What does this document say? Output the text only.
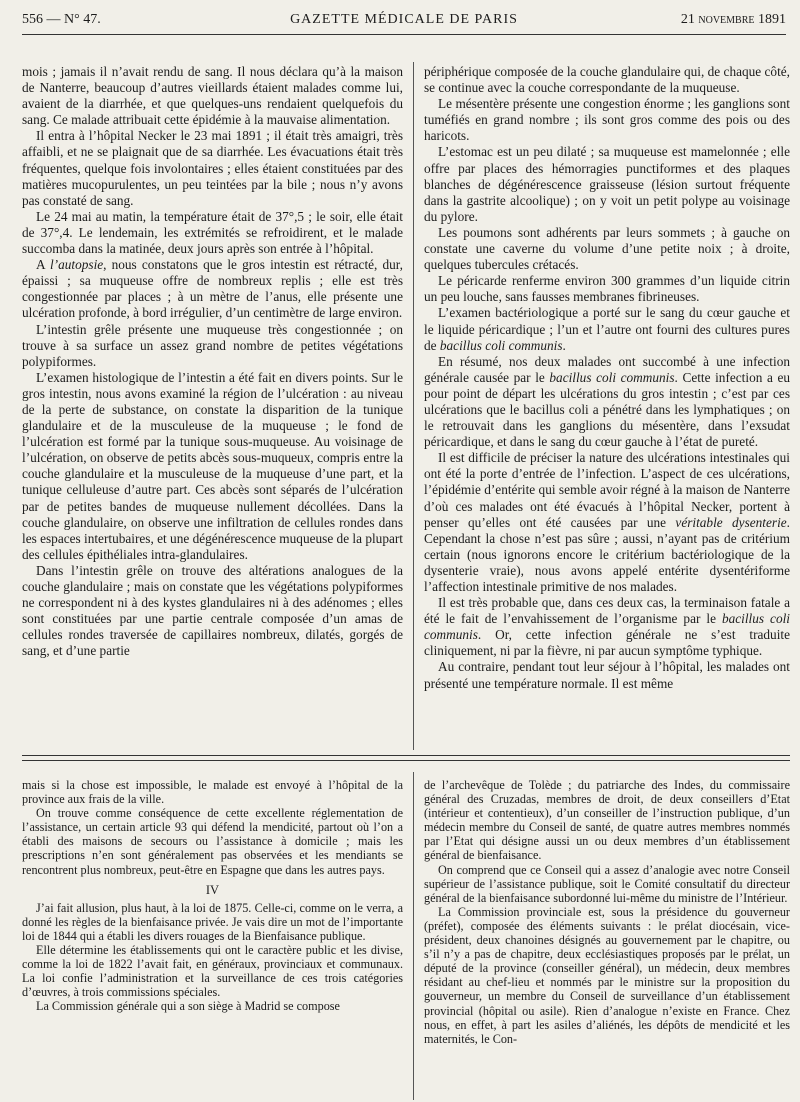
556 — N° 47.	GAZETTE MÉDICALE DE PARIS	21 novembre 1891

mois ; jamais il n’avait rendu de sang. Il nous déclara qu’à la maison de Nanterre, beaucoup d’autres vieillards étaient malades comme lui, avaient de la diarrhée, et que quelques-uns rendaient quelquefois du sang. Ce malade attribuait cette épidémie à la mauvaise alimentation.

Il entra à l’hôpital Necker le 23 mai 1891 ; il était très amaigri, très affaibli, et ne se plaignait que de sa diarrhée. Les évacuations était très fréquentes, quelque fois involontaires ; elles étaient constituées par des matières mucopurulentes, un peu teintées par la bile ; nous n’y avons pas constaté de sang.

Le 24 mai au matin, la température était de 37°,5 ; le soir, elle était de 37°,4. Le lendemain, les extrémités se refroidirent, et le malade succomba dans la matinée, deux jours après son entrée à l’hôpital.

A l’autopsie, nous constatons que le gros intestin est rétracté, dur, épaissi ; sa muqueuse offre de nombreux replis ; elle est très congestionnée par places ; à un mètre de l’anus, elle présente une ulcération profonde, à bord irrégulier, d’un centimètre de large environ.

L’intestin grêle présente une muqueuse très congestionnée ; on trouve à sa surface un assez grand nombre de petites végétations polypiformes.

L’examen histologique de l’intestin a été fait en divers points. Sur le gros intestin, nous avons examiné la région de l’ulcération : au niveau de la perte de substance, on constate la disparition de la tunique glandulaire et de la musculeuse de la muqueuse ; le fond de l’ulcération est formé par la tunique sous-muqueuse. Au voisinage de l’ulcération, on observe de petits abcès sous-muqueux, compris entre la couche glandulaire et la musculeuse de la muqueuse d’une part, et la tunique celluleuse d’autre part. Ces abcès sont séparés de l’ulcération par de petites bandes de muqueuse nullement décollées. Dans la couche glandulaire, on observe une infiltration de cellules rondes dans les espaces intertubaires, et une dégénérescence muqueuse de la plupart des cellules épithéliales intra-glandulaires.

Dans l’intestin grêle on trouve des altérations analogues de la couche glandulaire ; mais on constate que les végétations polypiformes ne correspondent ni à des kystes glandulaires ni à des adénomes ; elles sont constituées par une partie centrale composée d’un amas de cellules rondes traversée de capillaires nombreux, dilatés, gorgés de sang, et d’une partie

périphérique composée de la couche glandulaire qui, de chaque côté, se continue avec la couche correspondante de la muqueuse.

Le mésentère présente une congestion énorme ; les ganglions sont tuméfiés en grand nombre ; ils sont gros comme des pois ou des haricots.

L’estomac est un peu dilaté ; sa muqueuse est mamelonnée ; elle offre par places des hémorragies punctiformes et des plaques blanches de dégénérescence graisseuse (lésion surtout fréquente dans la gastrite alcoolique) ; on y voit un petit polype au voisinage du pylore.

Les poumons sont adhérents par leurs sommets ; à gauche on constate une caverne du volume d’une petite noix ; à droite, quelques tubercules crétacés.

Le péricarde renferme environ 300 grammes d’un liquide citrin un peu louche, sans fausses membranes fibrineuses.

L’examen bactériologique a porté sur le sang du cœur gauche et le liquide péricardique ; l’un et l’autre ont fourni des cultures pures de bacillus coli communis.

En résumé, nos deux malades ont succombé à une infection générale causée par le bacillus coli communis. Cette infection a eu pour point de départ les ulcérations du gros intestin ; c’est par ces ulcérations que le bacillus coli a pénétré dans les lymphatiques ; on le retrouvait dans les ganglions du mésentère, dans l’exsudat péricardique, et dans le sang du cœur gauche à l’état de pureté.

Il est difficile de préciser la nature des ulcérations intestinales qui ont été la porte d’entrée de l’infection. L’aspect de ces ulcérations, l’épidémie d’entérite qui semble avoir régné à la maison de Nanterre d’où ces malades ont été évacués à l’hôpital Necker, portent à penser qu’elles ont été causées par une véritable dysenterie. Cependant la chose n’est pas sûre ; aussi, n’ayant pas de critérium certain (nous ignorons encore le critérium bactériologique de la dysenterie vraie), nous avons appelé entérite dysentériforme l’affection intestinale primitive de nos malades.

Il est très probable que, dans ces deux cas, la terminaison fatale a été le fait de l’envahissement de l’organisme par le bacillus coli communis. Or, cette infection générale ne s’est traduite cliniquement, ni par la fièvre, ni par aucun symptôme typhique.

Au contraire, pendant tout leur séjour à l’hôpital, les malades ont présenté une température normale. Il est même

mais si la chose est impossible, le malade est envoyé à l’hôpital de la province aux frais de la ville.

On trouve comme conséquence de cette excellente réglementation de l’assistance, un certain article 93 qui défend la mendicité, partout où l’on a établi des maisons de secours ou l’assistance à domicile ; mais les prescriptions n’en sont généralement pas observées et les mendiants se rencontrent plus nombreux, peut-être en Espagne que dans les autres pays.

IV

J’ai fait allusion, plus haut, à la loi de 1875. Celle-ci, comme on le verra, a donné les règles de la bienfaisance privée. Je vais dire un mot de l’importante loi de 1844 qui a établi les divers rouages de la Bienfaisance publique.

Elle détermine les établissements qui ont le caractère public et les divise, comme la loi de 1822 l’avait fait, en généraux, provinciaux et communaux. La loi confie l’administration et la surveillance de ces trois catégories d’œuvres, à trois commissions spéciales.

La Commission générale qui a son siège à Madrid se compose

de l’archevêque de Tolède ; du patriarche des Indes, du commissaire général des Cruzadas, membres de droit, de deux conseillers d’Etat (intérieur et contentieux), d’un conseiller de l’instruction publique, d’un médecin membre du Conseil de santé, de quatre autres membres nommés par l’Etat qui désigne aussi un ou deux membres d’un établissement général de bienfaisance.

On comprend que ce Conseil qui a assez d’analogie avec notre Conseil supérieur de l’assistance publique, soit le Comité consultatif du directeur général de la bienfaisance subordonné lui-même du ministre de l’Intérieur.

La Commission provinciale est, sous la présidence du gouverneur (préfet), composée des éléments suivants : le prélat diocésain, vice-président, deux chanoines désignés au gouvernement par le chapitre, ou s’il n’y a pas de chapitre, deux ecclésiastiques proposés par le prélat, un député de la province (conseiller général), un médecin, deux membres résidant au chef-lieu et nommés par le ministre sur la proposition du gouverneur, un membre du Conseil de surveillance d’un établissement provincial (hôpital ou asile). Rien d’analogue n’existe en France. Chez nous, en effet, à part les asiles d’aliénés, les dépôts de mendicité et les maternités, le Con-
